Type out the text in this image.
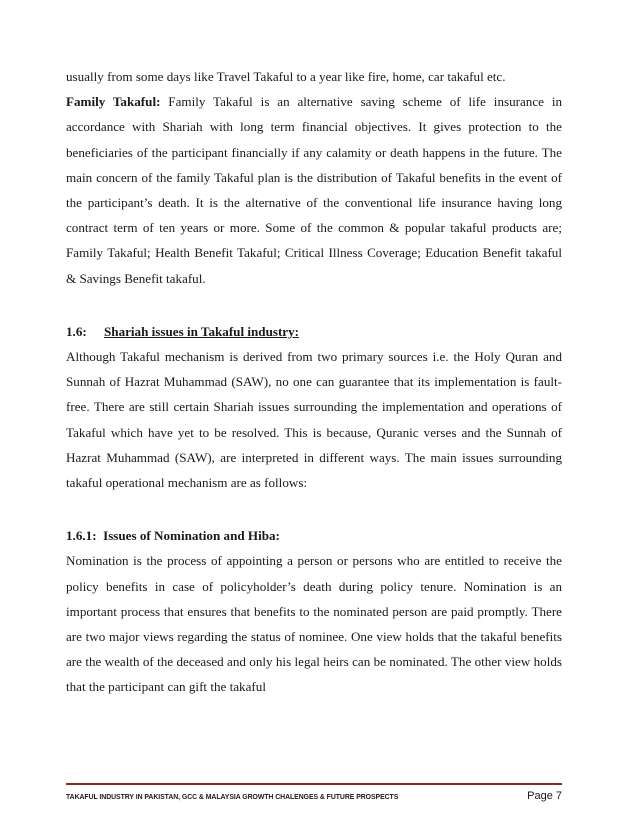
usually from some days like Travel Takaful to a year like fire, home, car takaful etc.

Family Takaful: Family Takaful is an alternative saving scheme of life insurance in accordance with Shariah with long term financial objectives. It gives protection to the beneficiaries of the participant financially if any calamity or death happens in the future. The main concern of the family Takaful plan is the distribution of Takaful benefits in the event of the participant’s death. It is the alternative of the conventional life insurance having long contract term of ten years or more. Some of the common & popular takaful products are; Family Takaful; Health Benefit Takaful; Critical Illness Coverage; Education Benefit takaful & Savings Benefit takaful.

1.6: Shariah issues in Takaful industry:

Although Takaful mechanism is derived from two primary sources i.e. the Holy Quran and Sunnah of Hazrat Muhammad (SAW), no one can guarantee that its implementation is fault-free. There are still certain Shariah issues surrounding the implementation and operations of Takaful which have yet to be resolved. This is because, Quranic verses and the Sunnah of Hazrat Muhammad (SAW), are interpreted in different ways. The main issues surrounding takaful operational mechanism are as follows:

1.6.1: Issues of Nomination and Hiba:

Nomination is the process of appointing a person or persons who are entitled to receive the policy benefits in case of policyholder’s death during policy tenure. Nomination is an important process that ensures that benefits to the nominated person are paid promptly. There are two major views regarding the status of nominee. One view holds that the takaful benefits are the wealth of the deceased and only his legal heirs can be nominated. The other view holds that the participant can gift the takaful

TAKAFUL INDUSTRY IN PAKISTAN, GCC & MALAYSIA GROWTH CHALENGES & FUTURE PROSPECTS	Page 7
